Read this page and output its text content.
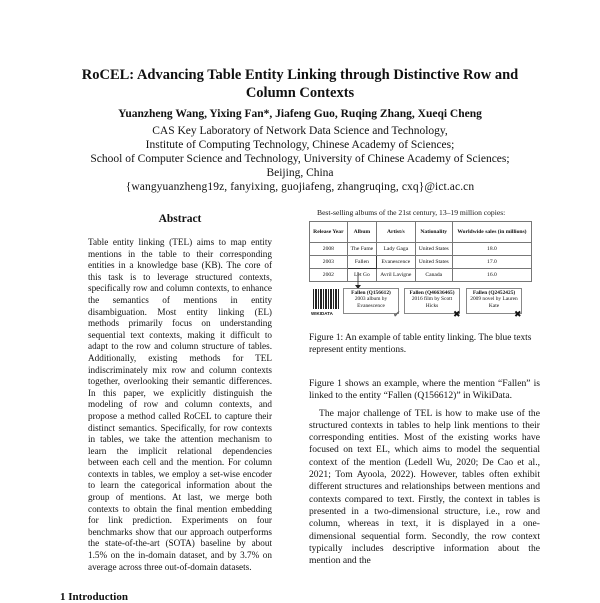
RoCEL: Advancing Table Entity Linking through Distinctive Row and Column Contexts
Yuanzheng Wang, Yixing Fan*, Jiafeng Guo, Ruqing Zhang, Xueqi Cheng
CAS Key Laboratory of Network Data Science and Technology,
Institute of Computing Technology, Chinese Academy of Sciences;
School of Computer Science and Technology, University of Chinese Academy of Sciences;
Beijing, China
{wangyuanzheng19z, fanyixing, guojiafeng, zhangruqing, cxq}@ict.ac.cn
Abstract
Table entity linking (TEL) aims to map entity mentions in the table to their corresponding entities in a knowledge base (KB). The core of this task is to leverage structured contexts, specifically row and column contexts, to enhance the semantics of mentions in entity disambiguation. Most entity linking (EL) methods primarily focus on understanding sequential text contexts, making it difficult to adapt to the row and column structure of tables. Additionally, existing methods for TEL indiscriminately mix row and column contexts together, overlooking their semantic differences. In this paper, we explicitly distinguish the modeling of row and column contexts, and propose a method called RoCEL to capture their distinct semantics. Specifically, for row contexts in tables, we take the attention mechanism to learn the implicit relational dependencies between each cell and the mention. For column contexts in tables, we employ a set-wise encoder to learn the categorical information about the group of mentions. At last, we merge both contexts to obtain the final mention embedding for link prediction. Experiments on four benchmarks show that our approach outperforms the state-of-the-art (SOTA) baseline by about 1.5% on the in-domain dataset, and by 3.7% on average across three out-of-domain datasets.
1 Introduction
Best-selling albums of the 21st century, 13–19 million copies:
Release Year	Album	Artist/s	Nationality	Worldwide sales (in millions)
2008	The Fame	Lady Gaga	United States	18.0
2003	Fallen	Evanescence	United States	17.0
2002	Let Go	Avril Lavigne	Canada	16.0
WIKIDATA
Fallen (Q156612)
2003 album by Evanescence
Fallen (Q46636465)
2016 film by Scott Hicks
Fallen (Q2452425)
2009 novel by Lauren Kate
✔	✖	✖
Figure 1: An example of table entity linking. The blue texts represent entity mentions.

Figure 1 shows an example, where the mention “Fallen” is linked to the entity “Fallen (Q156612)” in WikiData.

The major challenge of TEL is how to make use of the structured contexts in tables to help link mentions to their corresponding entities. Most of the existing works have focused on text EL, which aims to model the sequential context of the mention (Ledell Wu, 2020; De Cao et al., 2021; Tom Ayoola, 2022). However, tables often exhibit different structures and relationships between mentions and contexts compared to text. Firstly, the context in tables is presented in a two-dimensional structure, i.e., row and column, whereas in text, it is displayed in a one-dimensional sequential form. Secondly, the row context typically includes descriptive information about the mention and the
